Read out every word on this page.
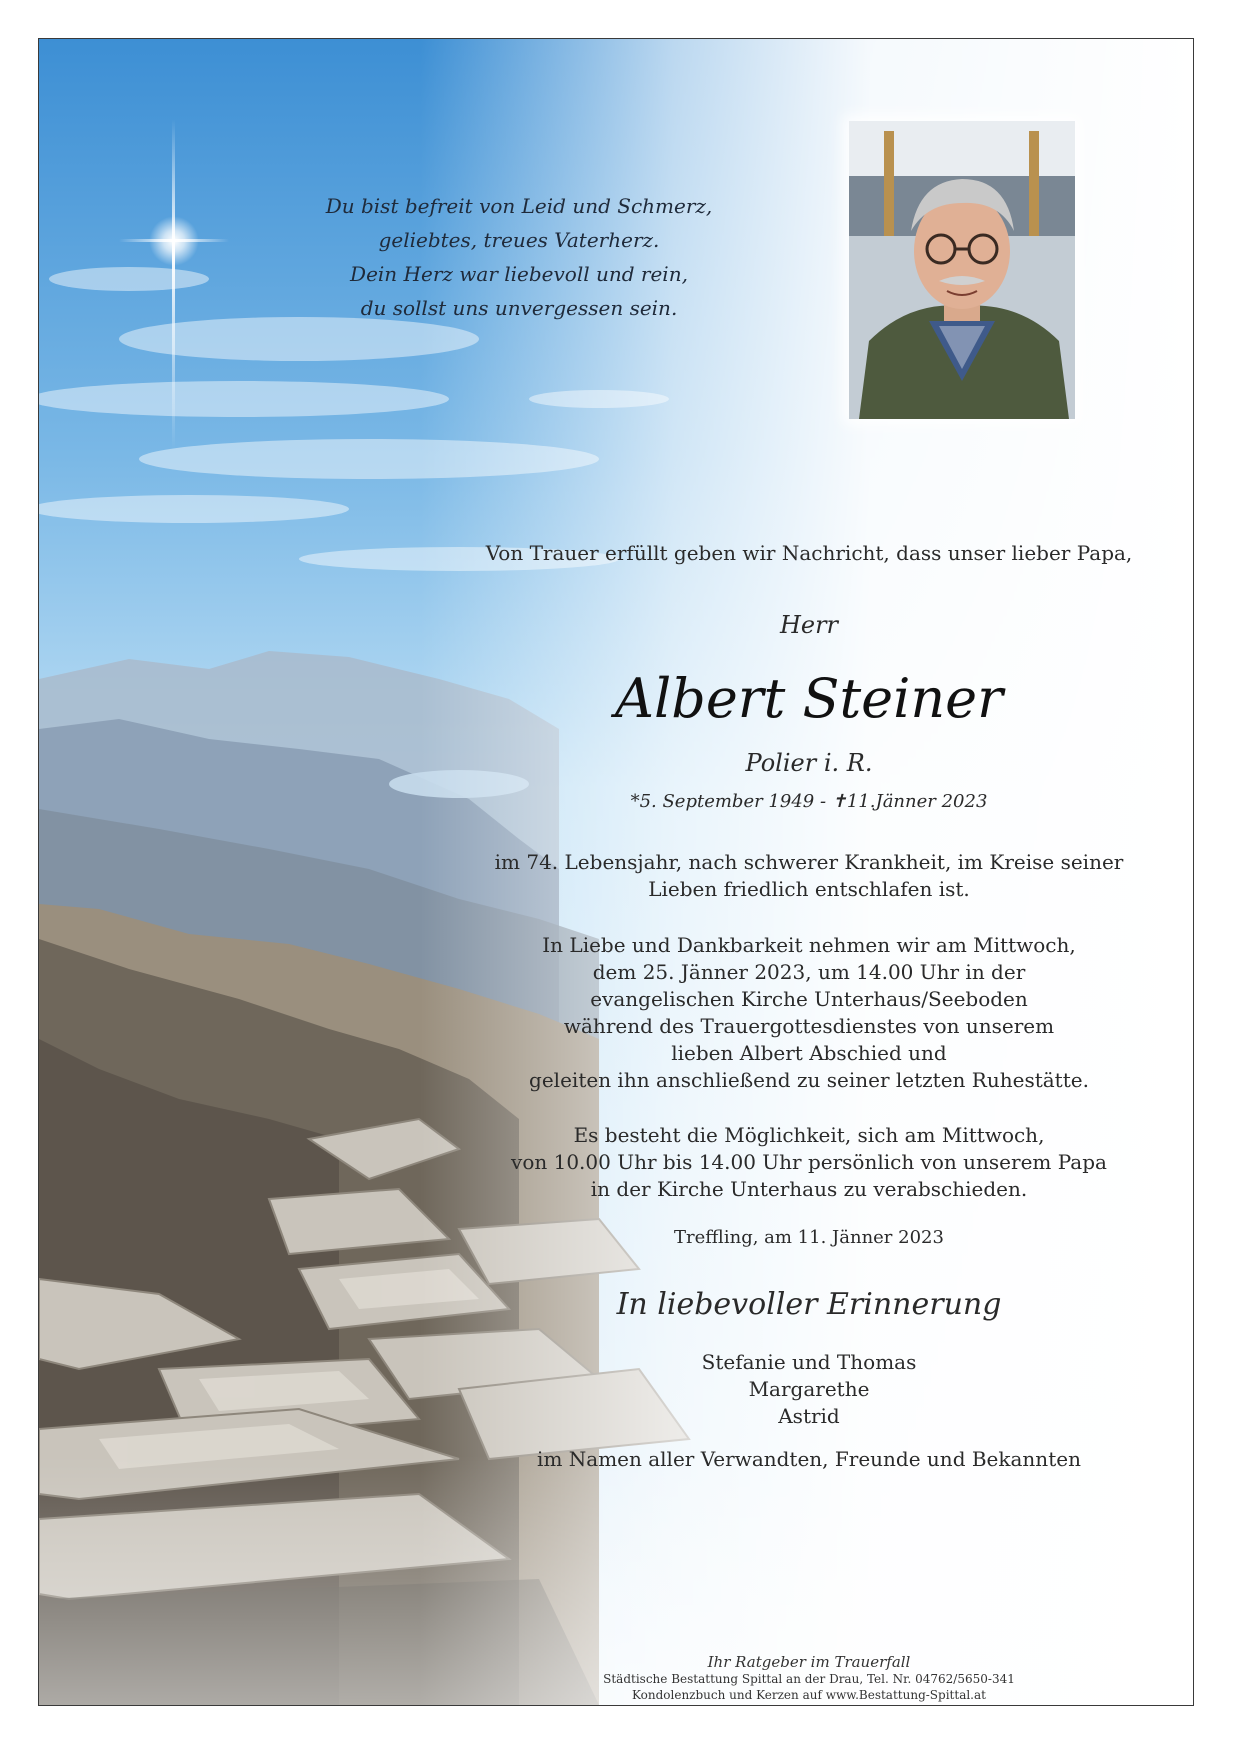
Du bist befreit von Leid und Schmerz,
geliebtes, treues Vaterherz.
Dein Herz war liebevoll und rein,
du sollst uns unvergessen sein.
Von Trauer erfüllt geben wir Nachricht, dass unser lieber Papa,
Herr
Albert Steiner
Polier i. R.
*5. September 1949 - ✝11.Jänner 2023
im 74. Lebensjahr, nach schwerer Krankheit, im Kreise seiner
Lieben friedlich entschlafen ist.
In Liebe und Dankbarkeit nehmen wir am Mittwoch,
dem 25. Jänner 2023, um 14.00 Uhr in der
evangelischen Kirche Unterhaus/Seeboden
während des Trauergottesdienstes von unserem
lieben Albert Abschied und
geleiten ihn anschließend zu seiner letzten Ruhestätte.
Es besteht die Möglichkeit, sich am Mittwoch,
von 10.00 Uhr bis 14.00 Uhr persönlich von unserem Papa
in der Kirche Unterhaus zu verabschieden.
Treffling, am 11. Jänner 2023
In liebevoller Erinnerung
Stefanie und Thomas
Margarethe
Astrid
im Namen aller Verwandten, Freunde und Bekannten
Ihr Ratgeber im Trauerfall
Städtische Bestattung Spittal an der Drau, Tel. Nr. 04762/5650-341
Kondolenzbuch und Kerzen auf www.Bestattung-Spittal.at
